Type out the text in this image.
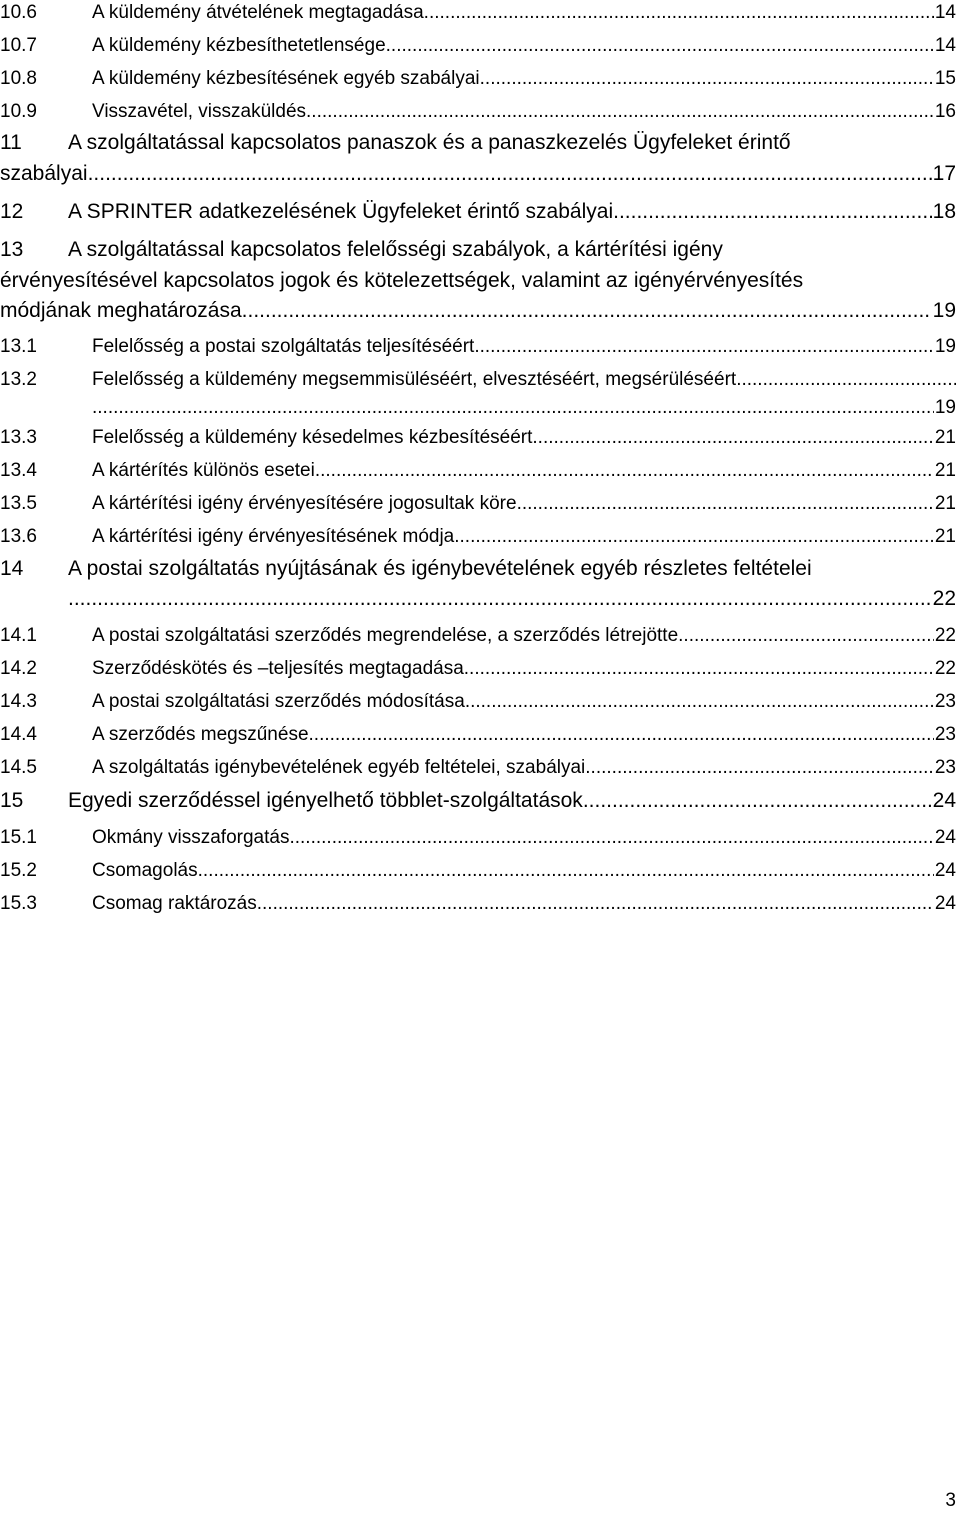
10.6	A küldemény átvételének megtagadása .....	14
10.7	A küldemény kézbesíthetetlensége .....	14
10.8	A küldemény kézbesítésének egyéb szabályai .....	15
10.9	Visszavétel, visszaküldés .....	16
11 A szolgáltatással kapcsolatos panaszok és a panaszkezelés Ügyfeleket érintő
szabályai .....	17
12 A SPRINTER adatkezelésének Ügyfeleket érintő szabályai .....	18
13 A szolgáltatással kapcsolatos felelősségi szabályok, a kártérítési igény
érvényesítésével kapcsolatos jogok és kötelezettségek, valamint az igényérvényesítés
módjának meghatározása .....	19
13.1	Felelősség a postai szolgáltatás teljesítéséért .....	19
13.2	Felelősség a küldemény megsemmisüléséért, elvesztéséért, megsérüléséért
.....
.....
19
13.3	Felelősség a küldemény késedelmes kézbesítéséért .....	21
13.4	A kártérítés különös esetei .....	21
13.5	A kártérítési igény érvényesítésére jogosultak köre .....	21
13.6	A kártérítési igény érvényesítésének módja .....	21
14 A postai szolgáltatás nyújtásának és igénybevételének egyéb részletes feltételei
.....
22
14.1	A postai szolgáltatási szerződés megrendelése, a szerződés létrejötte .....	22
14.2	Szerződéskötés és –teljesítés megtagadása .....	22
14.3	A postai szolgáltatási szerződés módosítása .....	23
14.4	A szerződés megszűnése .....	23
14.5	A szolgáltatás igénybevételének egyéb feltételei, szabályai .....	23
15 Egyedi szerződéssel igényelhető többlet-szolgáltatások .....	24
15.1	Okmány visszaforgatás .....	24
15.2	Csomagolás .....	24
15.3	Csomag raktározás .....	24
3
